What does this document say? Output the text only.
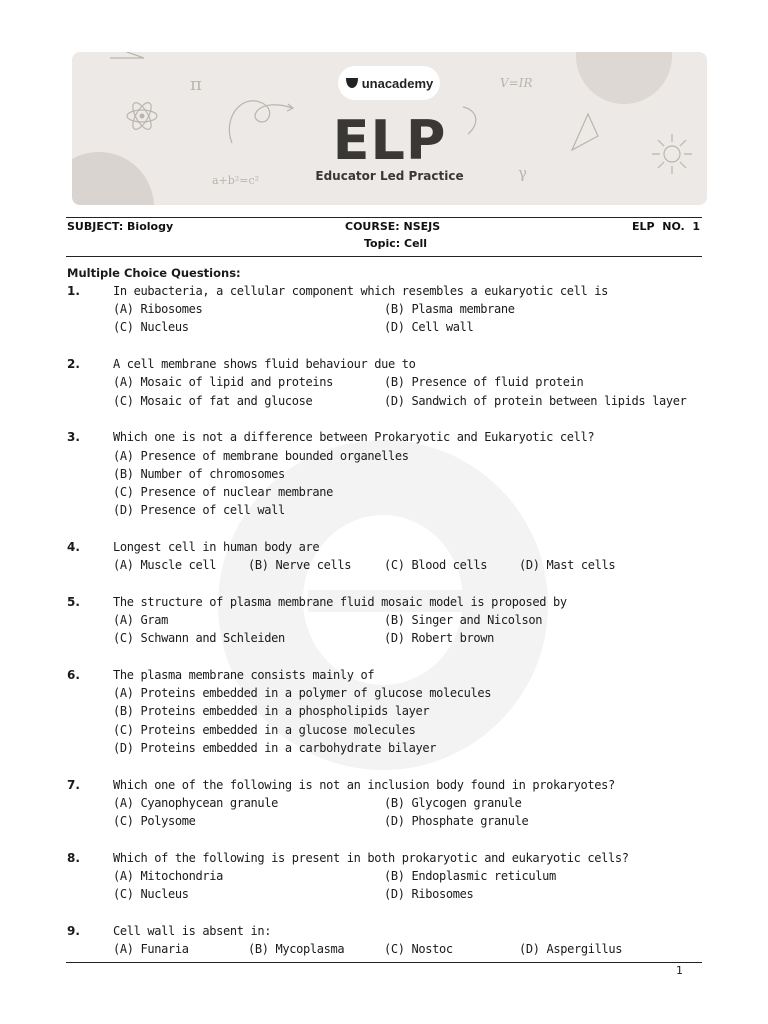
π	V=IR
a+b²=c²	γ
unacademy
ELP
Educator Led Practice
SUBJECT: Biology	COURSE: NSEJS	ELP  NO.  1
Topic: Cell
Multiple Choice Questions:
1.	In eubacteria, a cellular component which resembles a eukaryotic cell is
(A) Ribosomes	(B) Plasma membrane
(C) Nucleus	(D) Cell wall
2.	A cell membrane shows fluid behaviour due to
(A) Mosaic of lipid and proteins	(B) Presence of fluid protein
(C) Mosaic of fat and glucose	(D) Sandwich of protein between lipids layer
3.	Which one is not a difference between Prokaryotic and Eukaryotic cell?
(A) Presence of membrane bounded organelles
(B) Number of chromosomes
(C) Presence of nuclear membrane
(D) Presence of cell wall
4.	Longest cell in human body are
(A) Muscle cell	(B) Nerve cells	(C) Blood cells	(D) Mast cells
5.	The structure of plasma membrane fluid mosaic model is proposed by
(A) Gram	(B) Singer and Nicolson
(C) Schwann and Schleiden	(D) Robert brown
6.	The plasma membrane consists mainly of
(A) Proteins embedded in a polymer of glucose molecules
(B) Proteins embedded in a phospholipids layer
(C) Proteins embedded in a glucose molecules
(D) Proteins embedded in a carbohydrate bilayer
7.	Which one of the following is not an inclusion body found in prokaryotes?
(A) Cyanophycean granule	(B) Glycogen granule
(C) Polysome	(D) Phosphate granule
8.	Which of the following is present in both prokaryotic and eukaryotic cells?
(A) Mitochondria	(B) Endoplasmic reticulum
(C) Nucleus	(D) Ribosomes
9.	Cell wall is absent in:
(A) Funaria	(B) Mycoplasma	(C) Nostoc	(D) Aspergillus
1
